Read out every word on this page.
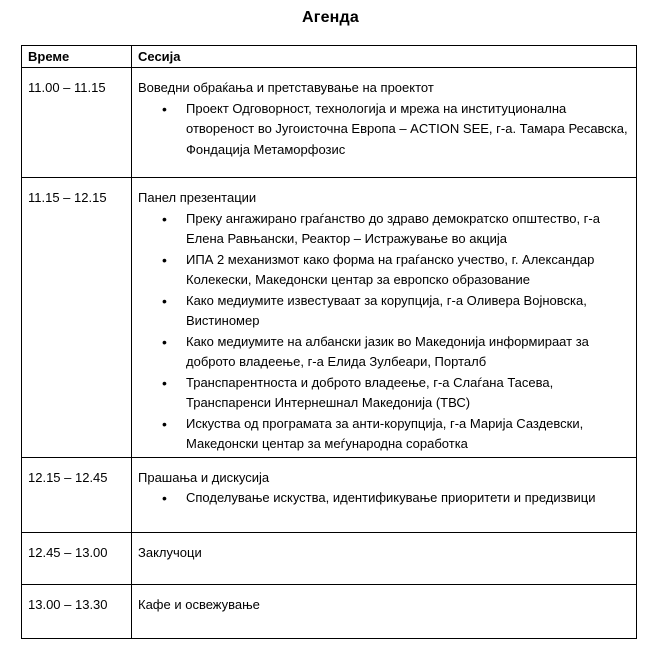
Агенда
Време	Сесија
11.00 – 11.15	Воведни обраќања и претставување на проектот

• Проект Одговорност, технологија и мрежа на институционална отвореност во Југоисточна Европа – ACTION SEE, г-а. Тамара Ресавска, Фондација Метаморфозис

11.15 – 12.15	Панел презентации

• Преку ангажирано граѓанство до здраво демократско општество, г-а Елена Равњански, Реактор – Истражување во акција
• ИПА 2 механизмот како форма на граѓанско учество, г. Александар Колекески, Македонски центар за европско образование
• Како медиумите известуваат за корупција, г-а Оливера Војновска, Вистиномер
• Како медиумите на албански јазик во Македонија информираат за доброто владеење, г-а Елида Зулбеари, Порталб
• Транспарентноста и доброто владеење, г-а Слаѓана Тасева, Транспаренси Интернешнал Македонија (ТВС)
• Искуства од програмата за анти-корупција, г-а Марија Саздевски, Македонски центар за меѓународна соработка

12.15 – 12.45	Прашања и дискусија

• Споделување искуства, идентификување приоритети и предизвици

12.45 – 13.00	Заклучоци

13.00 – 13.30	Кафе и освежување
